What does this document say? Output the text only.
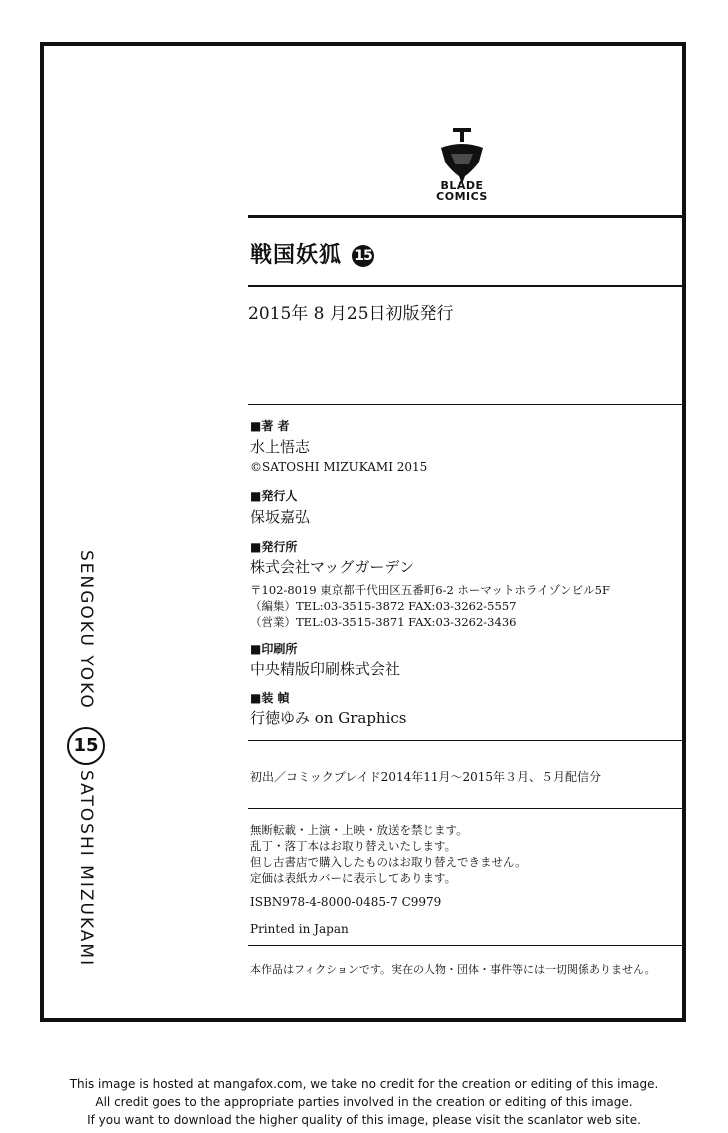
BLADE
COMICS
戦国妖狐 15
2015年 8 月25日初版発行
■著 者
水上悟志
©SATOSHI MIZUKAMI 2015
■発行人
保坂嘉弘
■発行所
株式会社マッグガーデン
〒102-8019 東京都千代田区五番町6-2 ホーマットホライゾンビル5F
（編集）TEL:03-3515-3872 FAX:03-3262-5557
（営業）TEL:03-3515-3871 FAX:03-3262-3436
■印刷所
中央精版印刷株式会社
■装 幀
行徳ゆみ on Graphics
初出／コミックブレイド2014年11月～2015年３月、５月配信分
無断転載・上演・上映・放送を禁じます。
乱丁・落丁本はお取り替えいたします。
但し古書店で購入したものはお取り替えできません。
定価は表紙カバーに表示してあります。
ISBN978-4-8000-0485-7 C9979
Printed in Japan
本作品はフィクションです。実在の人物・団体・事件等には一切関係ありません。
SENGOKU YOKO
15
SATOSHI MIZUKAMI
This image is hosted at mangafox.com, we take no credit for the creation or editing of this image.
All credit goes to the appropriate parties involved in the creation or editing of this image.
If you want to download the higher quality of this image, please visit the scanlator web site.
